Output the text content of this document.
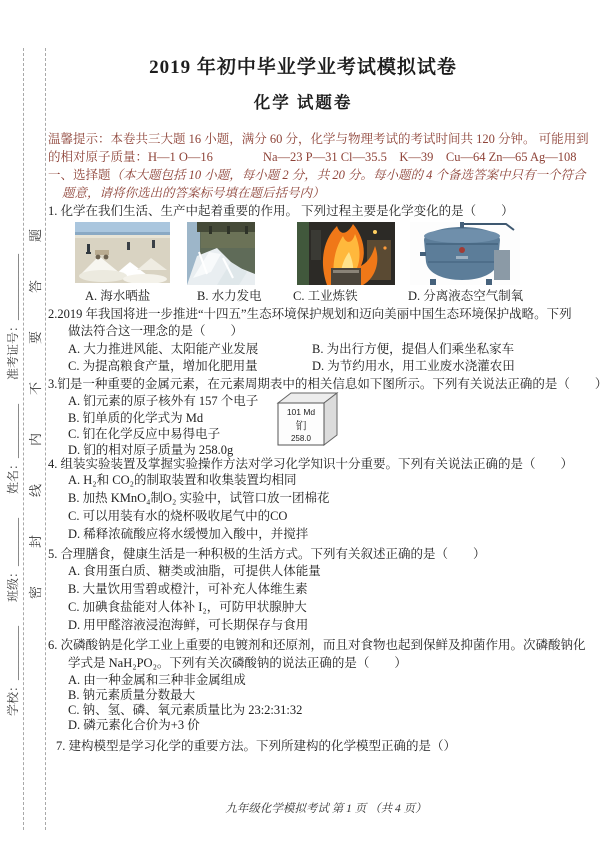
密封线内不要答题
学校：_________　　班级：________　　姓名：_________　　准考证号：___________
2019 年初中毕业学业考试模拟试卷
化学 试题卷
温馨提示：本卷共三大题 16 小题，满分 60 分，化学与物理考试的考试时间共 120 分钟。 可能用到
的相对原子质量：H—1 O—16　　　　Na—23 P—31 Cl—35.5　K—39　Cu—64 Zn—65 Ag—108
一、选择题（本大题包括 10 小题，每小题 2 分，共 20 分。每小题的 4 个备选答案中只有一个符合
题意，请将你选出的答案标号填在题后括号内）
1. 化学在我们生活、生产中起着重要的作用。 下列过程主要是化学变化的是（　　）
A. 海水晒盐	B. 水力发电	C. 工业炼铁	D. 分离液态空气制氧
2.2019 年我国将进一步推进“十四五”生态环境保护规划和迈向美丽中国生态环境保护战略。下列
做法符合这一理念的是（　　）
A. 大力推进风能、太阳能产业发展	B. 为出行方便，提倡人们乘坐私家车
C. 为提高粮食产量，增加化肥用量	D. 为节约用水，用工业废水浇灌农田
3.钔是一种重要的金属元素，在元素周期表中的相关信息如下图所示。下列有关说法正确的是（　　）
A. 钔元素的原子核外有 157 个电子
B. 钔单质的化学式为 Md
C. 钔在化学反应中易得电子
D. 钔的相对原子质量为 258.0g
101 Md
钔
258.0
4. 组装实验装置及掌握实验操作方法对学习化学知识十分重要。下列有关说法正确的是（　　）
A. H₂和 CO₂的制取装置和收集装置均相同
B. 加热 KMnO₄制O₂ 实验中，试管口放一团棉花
C. 可以用装有水的烧杯吸收尾气中的CO
D. 稀释浓硫酸应将水缓慢加入酸中，并搅拌
5. 合理膳食，健康生活是一种积极的生活方式。下列有关叙述正确的是（　　）
A. 食用蛋白质、糖类或油脂，可提供人体能量
B. 大量饮用雪碧或橙汁，可补充人体维生素
C. 加碘食盐能对人体补 I₂，可防甲状腺肿大
D. 用甲醛溶液浸泡海鲜，可长期保存与食用
6. 次磷酸钠是化学工业上重要的电镀剂和还原剂，而且对食物也起到保鲜及抑菌作用。次磷酸钠化
学式是 NaH₂PO₂。下列有关次磷酸钠的说法正确的是（　　）
A. 由一种金属和三种非金属组成
B. 钠元素质量分数最大
C. 钠、氢、磷、氧元素质量比为 23:2:31:32
D. 磷元素化合价为+3 价
7. 建构模型是学习化学的重要方法。下列所建构的化学模型正确的是（）
九年级化学模拟考试 第 1 页 （共 4 页）
